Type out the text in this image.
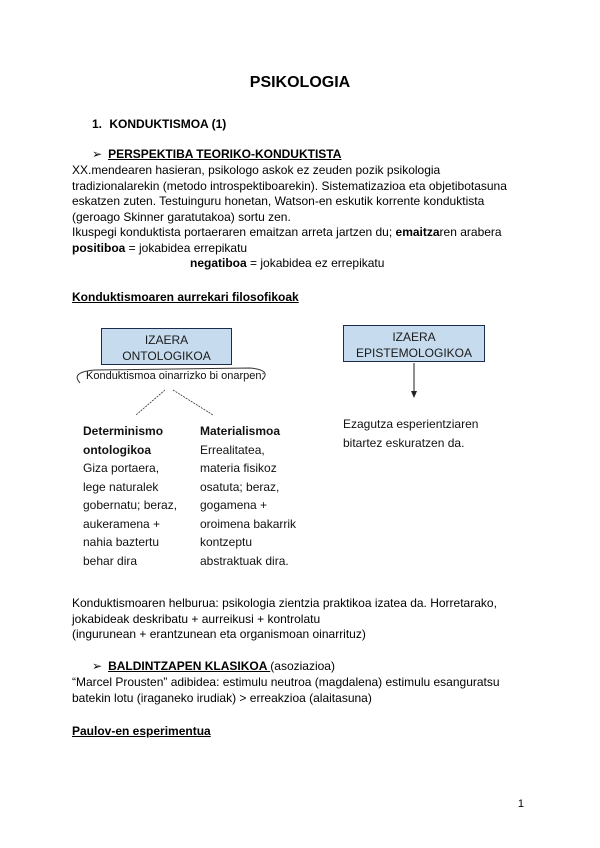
PSIKOLOGIA
1. KONDUKTISMOA (1)
➢ PERSPEKTIBA TEORIKO-KONDUKTISTA
XX.mendearen hasieran, psikologo askok ez zeuden pozik psikologia
tradizionalarekin (metodo introspektiboarekin). Sistematizazioa eta objetibotasuna
eskatzen zuten. Testuinguru honetan, Watson-en eskutik korrente konduktista
(geroago Skinner garatutakoa) sortu zen.
Ikuspegi konduktista portaeraren emaitzan arreta jartzen du; emaitzaren arabera
positiboa = jokabidea errepikatu
negatiboa = jokabidea ez errepikatu
Konduktismoaren aurrekari filosofikoak
IZAERA
ONTOLOGIKOA
IZAERA
EPISTEMOLOGIKOA
Konduktismoa oinarrizko bi onarpen:
Determinismo
ontologikoa
Giza portaera,
lege naturalek
gobernatu; beraz,
aukeramena +
nahia baztertu
behar dira
Materialismoa
Errealitatea,
materia fisikoz
osatuta; beraz,
gogamena +
oroimena bakarrik
kontzeptu
abstraktuak dira.
Ezagutza esperientziaren
bitartez eskuratzen da.
Konduktismoaren helburua: psikologia zientzia praktikoa izatea da. Horretarako,
jokabideak deskribatu + aurreikusi + kontrolatu
(ingurunean + erantzunean eta organismoan oinarrituz)
➢ BALDINTZAPEN KLASIKOA (asoziazioa)
“Marcel Prousten” adibidea: estimulu neutroa (magdalena) estimulu esanguratsu
batekin lotu (iraganeko irudiak) > erreakzioa (alaitasuna)
Paulov-en esperimentua
1
